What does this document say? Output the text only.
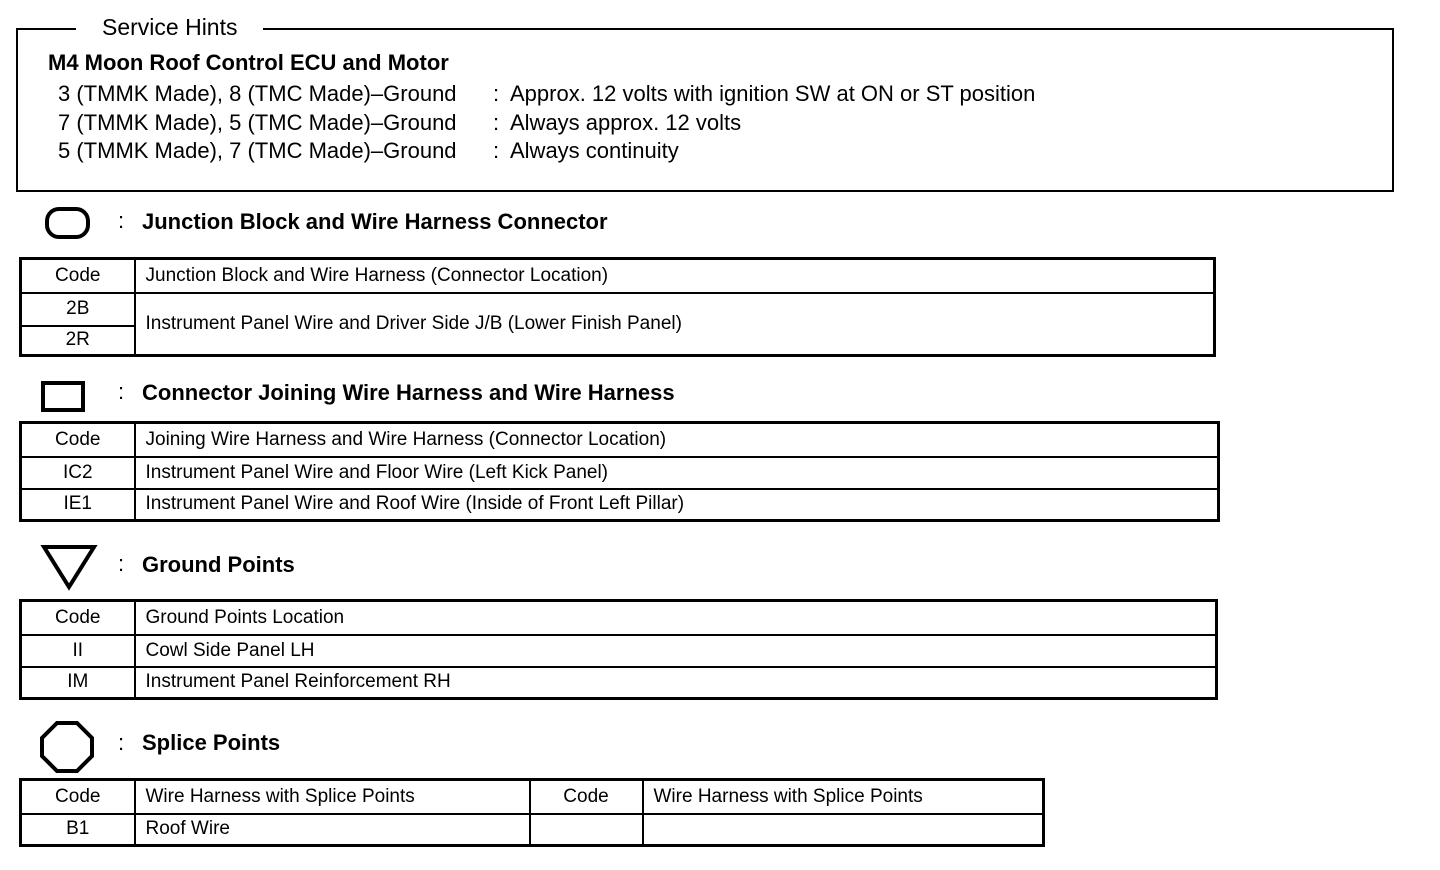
Service Hints
M4 Moon Roof Control ECU and Motor
3 (TMMK Made), 8 (TMC Made)–Ground : Approx. 12 volts with ignition SW at ON or ST position
7 (TMMK Made), 5 (TMC Made)–Ground : Always approx. 12 volts
5 (TMMK Made), 7 (TMC Made)–Ground : Always continuity
: Junction Block and Wire Harness Connector
Code	Junction Block and Wire Harness (Connector Location)
2B	Instrument Panel Wire and Driver Side J/B (Lower Finish Panel)
2R	
: Connector Joining Wire Harness and Wire Harness
Code	Joining Wire Harness and Wire Harness (Connector Location)
IC2	Instrument Panel Wire and Floor Wire (Left Kick Panel)
IE1	Instrument Panel Wire and Roof Wire (Inside of Front Left Pillar)
: Ground Points
Code	Ground Points Location
II	Cowl Side Panel LH
IM	Instrument Panel Reinforcement RH
: Splice Points
Code	Wire Harness with Splice Points	Code	Wire Harness with Splice Points
B1	Roof Wire		
